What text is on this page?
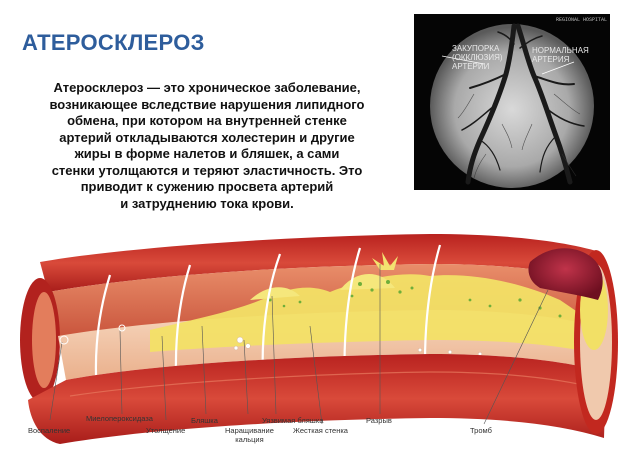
АТЕРОСКЛЕРОЗ
Атеросклероз — это хроническое заболевание,
возникающее вследствие нарушения липидного
обмена, при котором на внутренней стенке
артерий откладываются холестерин и другие
жиры в форме налетов и бляшек, а сами
стенки утолщаются и теряют эластичность. Это
приводит к сужению просвета артерий
и затруднению тока крови.
ЗАКУПОРКА
(ОККЛЮЗИЯ)
АРТЕРИИ
НОРМАЛЬНАЯ
АРТЕРИЯ
REGIONAL HOSPITAL
Воспаление
Миелопероксидаза
Утолщение
Бляшка
Наращивание
кальция
Уязвимая бляшка
Жесткая стенка
Разрыв
Тромб
